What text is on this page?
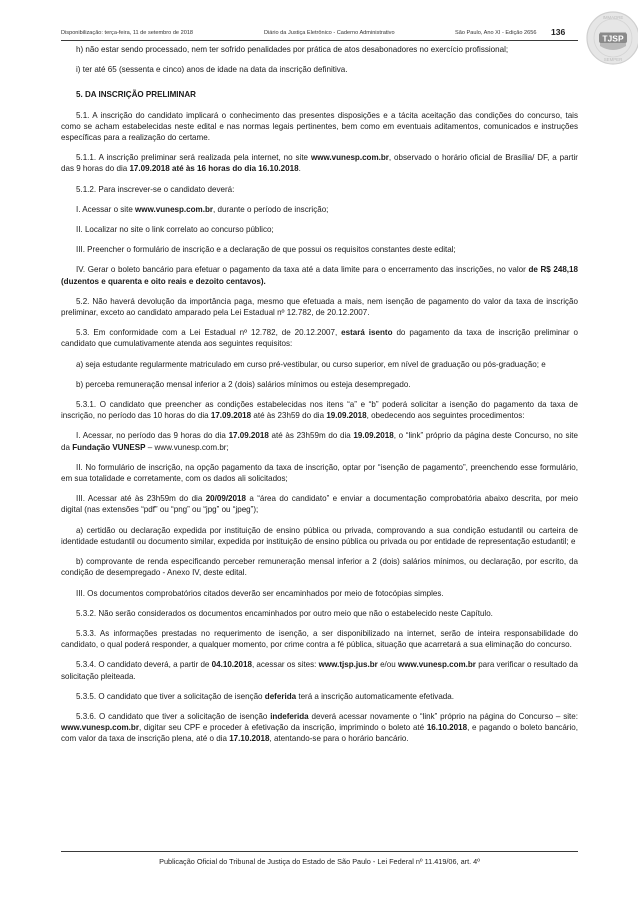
Disponibilização: terça-feira, 11 de setembro de 2018	Diário da Justiça Eletrônico - Caderno Administrativo	São Paulo, Ano XI - Edição 2656 136
TJSP
IMMADRE
SEMPER

h) não estar sendo processado, nem ter sofrido penalidades por prática de atos desabonadores no exercício profissional;

i) ter até 65 (sessenta e cinco) anos de idade na data da inscrição definitiva.

5. DA INSCRIÇÃO PRELIMINAR

5.1. A inscrição do candidato implicará o conhecimento das presentes disposições e a tácita aceitação das condições do concurso, tais como se acham estabelecidas neste edital e nas normas legais pertinentes, bem como em eventuais aditamentos, comunicados e instruções específicas para a realização do certame.

5.1.1. A inscrição preliminar será realizada pela internet, no site www.vunesp.com.br, observado o horário oficial de Brasília/ DF, a partir das 9 horas do dia 17.09.2018 até às 16 horas do dia 16.10.2018.

5.1.2. Para inscrever-se o candidato deverá:

I. Acessar o site www.vunesp.com.br, durante o período de inscrição;

II. Localizar no site o link correlato ao concurso público;

III. Preencher o formulário de inscrição e a declaração de que possui os requisitos constantes deste edital;

IV. Gerar o boleto bancário para efetuar o pagamento da taxa até a data limite para o encerramento das inscrições, no valor de R$ 248,18 (duzentos e quarenta e oito reais e dezoito centavos).

5.2. Não haverá devolução da importância paga, mesmo que efetuada a mais, nem isenção de pagamento do valor da taxa de inscrição preliminar, exceto ao candidato amparado pela Lei Estadual nº 12.782, de 20.12.2007.

5.3. Em conformidade com a Lei Estadual nº 12.782, de 20.12.2007, estará isento do pagamento da taxa de inscrição preliminar o candidato que cumulativamente atenda aos seguintes requisitos:

a) seja estudante regularmente matriculado em curso pré-vestibular, ou curso superior, em nível de graduação ou pós-graduação; e

b) perceba remuneração mensal inferior a 2 (dois) salários mínimos ou esteja desempregado.

5.3.1. O candidato que preencher as condições estabelecidas nos itens “a” e “b” poderá solicitar a isenção do pagamento da taxa de inscrição, no período das 10 horas do dia 17.09.2018 até às 23h59 do dia 19.09.2018, obedecendo aos seguintes procedimentos:

I. Acessar, no período das 9 horas do dia 17.09.2018 até às 23h59m do dia 19.09.2018, o “link” próprio da página deste Concurso, no site da Fundação VUNESP – www.vunesp.com.br;

II. No formulário de inscrição, na opção pagamento da taxa de inscrição, optar por “isenção de pagamento”, preenchendo esse formulário, em sua totalidade e corretamente, com os dados ali solicitados;

III. Acessar até às 23h59m do dia 20/09/2018 a “área do candidato” e enviar a documentação comprobatória abaixo descrita, por meio digital (nas extensões “pdf” ou “png” ou “jpg” ou “jpeg”);

a) certidão ou declaração expedida por instituição de ensino pública ou privada, comprovando a sua condição estudantil ou carteira de identidade estudantil ou documento similar, expedida por instituição de ensino pública ou privada ou por entidade de representação estudantil; e

b) comprovante de renda especificando perceber remuneração mensal inferior a 2 (dois) salários mínimos, ou declaração, por escrito, da condição de desempregado - Anexo IV, deste edital.

III. Os documentos comprobatórios citados deverão ser encaminhados por meio de fotocópias simples.

5.3.2. Não serão considerados os documentos encaminhados por outro meio que não o estabelecido neste Capítulo.

5.3.3. As informações prestadas no requerimento de isenção, a ser disponibilizado na internet, serão de inteira responsabilidade do candidato, o qual poderá responder, a qualquer momento, por crime contra a fé pública, situação que acarretará a sua eliminação do concurso.

5.3.4. O candidato deverá, a partir de 04.10.2018, acessar os sites: www.tjsp.jus.br e/ou www.vunesp.com.br para verificar o resultado da solicitação pleiteada.

5.3.5. O candidato que tiver a solicitação de isenção deferida terá a inscrição automaticamente efetivada.

5.3.6. O candidato que tiver a solicitação de isenção indeferida deverá acessar novamente o “link” próprio na página do Concurso – site: www.vunesp.com.br, digitar seu CPF e proceder à efetivação da inscrição, imprimindo o boleto até 16.10.2018, e pagando o boleto bancário, com valor da taxa de inscrição plena, até o dia 17.10.2018, atentando-se para o horário bancário.

Publicação Oficial do Tribunal de Justiça do Estado de São Paulo - Lei Federal nº 11.419/06, art. 4º
